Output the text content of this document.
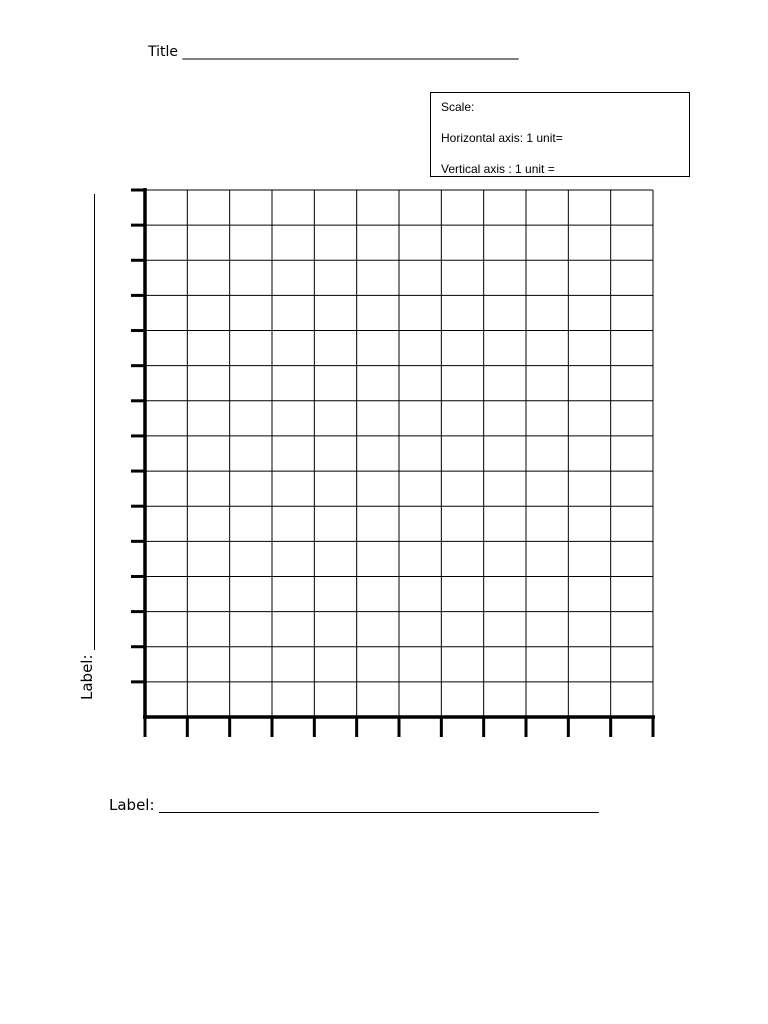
Title ________________________________________________
Scale:
Horizontal axis: 1 unit=
Vertical axis : 1 unit =
Label:
Label:
